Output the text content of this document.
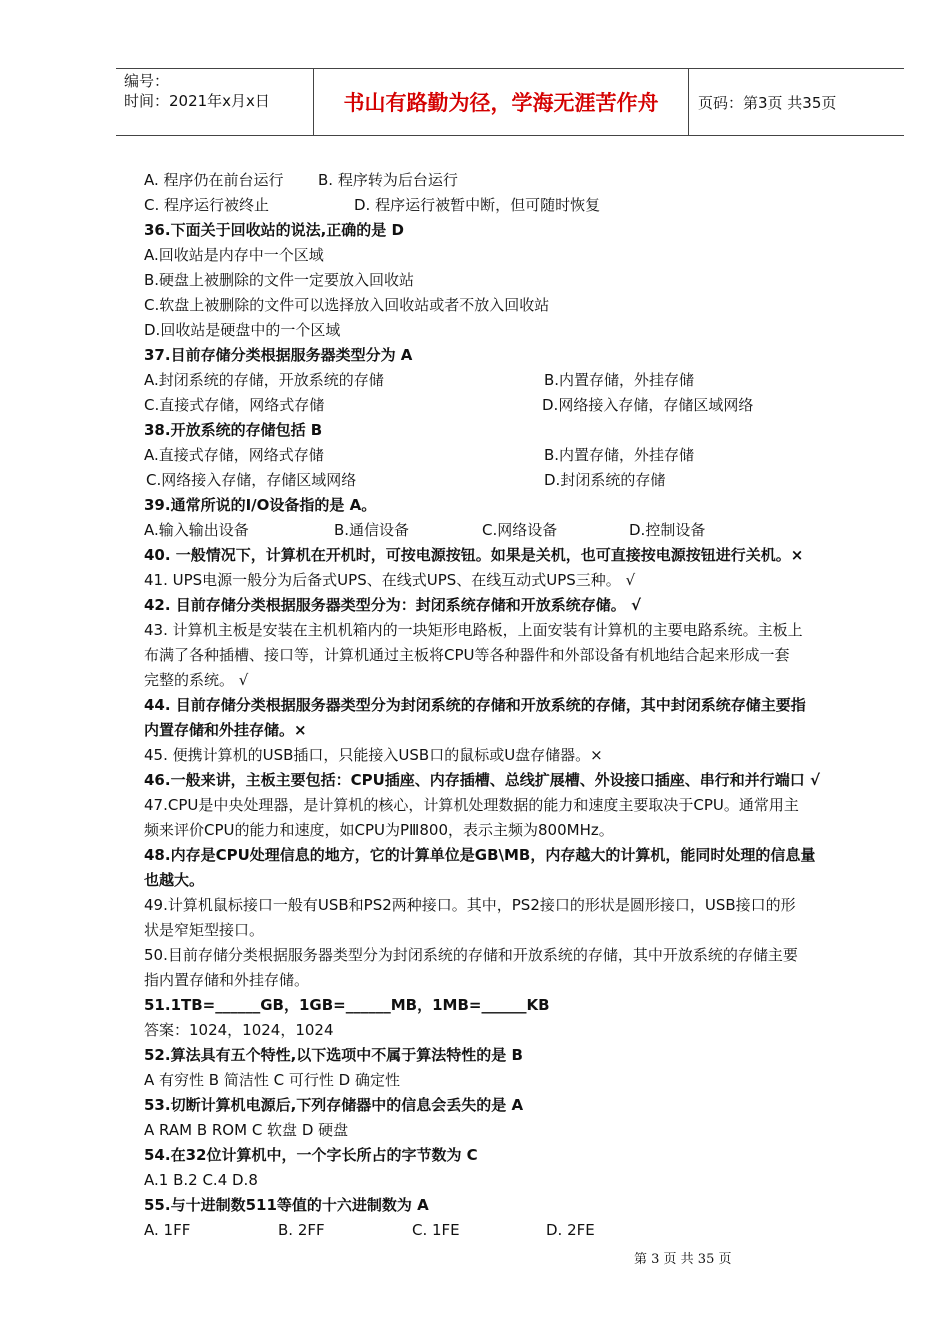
编号：
时间：2021年x月x日	书山有路勤为径，学海无涯苦作舟	页码：第3页 共35页
A. 程序仍在前台运行 B. 程序转为后台运行
C. 程序运行被终止	D. 程序运行被暂中断，但可随时恢复
36.下面关于回收站的说法,正确的是 D
A.回收站是内存中一个区域
B.硬盘上被删除的文件一定要放入回收站
C.软盘上被删除的文件可以选择放入回收站或者不放入回收站
D.回收站是硬盘中的一个区域
37.目前存储分类根据服务器类型分为 A
A.封闭系统的存储，开放系统的存储	B.内置存储，外挂存储
C.直接式存储，网络式存储	D.网络接入存储，存储区域网络
38.开放系统的存储包括 B
A.直接式存储，网络式存储	B.内置存储，外挂存储
C.网络接入存储，存储区域网络	D.封闭系统的存储
39.通常所说的I/O设备指的是 A。
A.输入输出设备	B.通信设备	C.网络设备	D.控制设备
40. 一般情况下，计算机在开机时，可按电源按钮。如果是关机，也可直接按电源按钮进行关机。×
41. UPS电源一般分为后备式UPS、在线式UPS、在线互动式UPS三种。 √
42. 目前存储分类根据服务器类型分为：封闭系统存储和开放系统存储。 √
43. 计算机主板是安装在主机机箱内的一块矩形电路板，上面安装有计算机的主要电路系统。主板上
布满了各种插槽、接口等，计算机通过主板将CPU等各种器件和外部设备有机地结合起来形成一套
完整的系统。 √
44. 目前存储分类根据服务器类型分为封闭系统的存储和开放系统的存储，其中封闭系统存储主要指
内置存储和外挂存储。×
45. 便携计算机的USB插口，只能接入USB口的鼠标或U盘存储器。×
46.一般来讲，主板主要包括：CPU插座、内存插槽、总线扩展槽、外设接口插座、串行和并行端口 √
47.CPU是中央处理器，是计算机的核心，计算机处理数据的能力和速度主要取决于CPU。通常用主
频来评价CPU的能力和速度，如CPU为PⅢ800，表示主频为800MHz。
48.内存是CPU处理信息的地方，它的计算单位是GB\MB，内存越大的计算机，能同时处理的信息量
也越大。
49.计算机鼠标接口一般有USB和PS2两种接口。其中，PS2接口的形状是圆形接口，USB接口的形
状是窄矩型接口。
50.目前存储分类根据服务器类型分为封闭系统的存储和开放系统的存储，其中开放系统的存储主要
指内置存储和外挂存储。
51.1TB=______GB，1GB=______MB，1MB=______KB
答案：1024，1024，1024
52.算法具有五个特性,以下选项中不属于算法特性的是 B
A 有穷性 B 简洁性 C 可行性 D 确定性
53.切断计算机电源后,下列存储器中的信息会丢失的是 A
A RAM B ROM C 软盘 D 硬盘
54.在32位计算机中，一个字长所占的字节数为 C
A.1 B.2 C.4 D.8
55.与十进制数511等值的十六进制数为 A
A. 1FF	B. 2FF	C. 1FE	D. 2FE
第 3 页 共 35 页
